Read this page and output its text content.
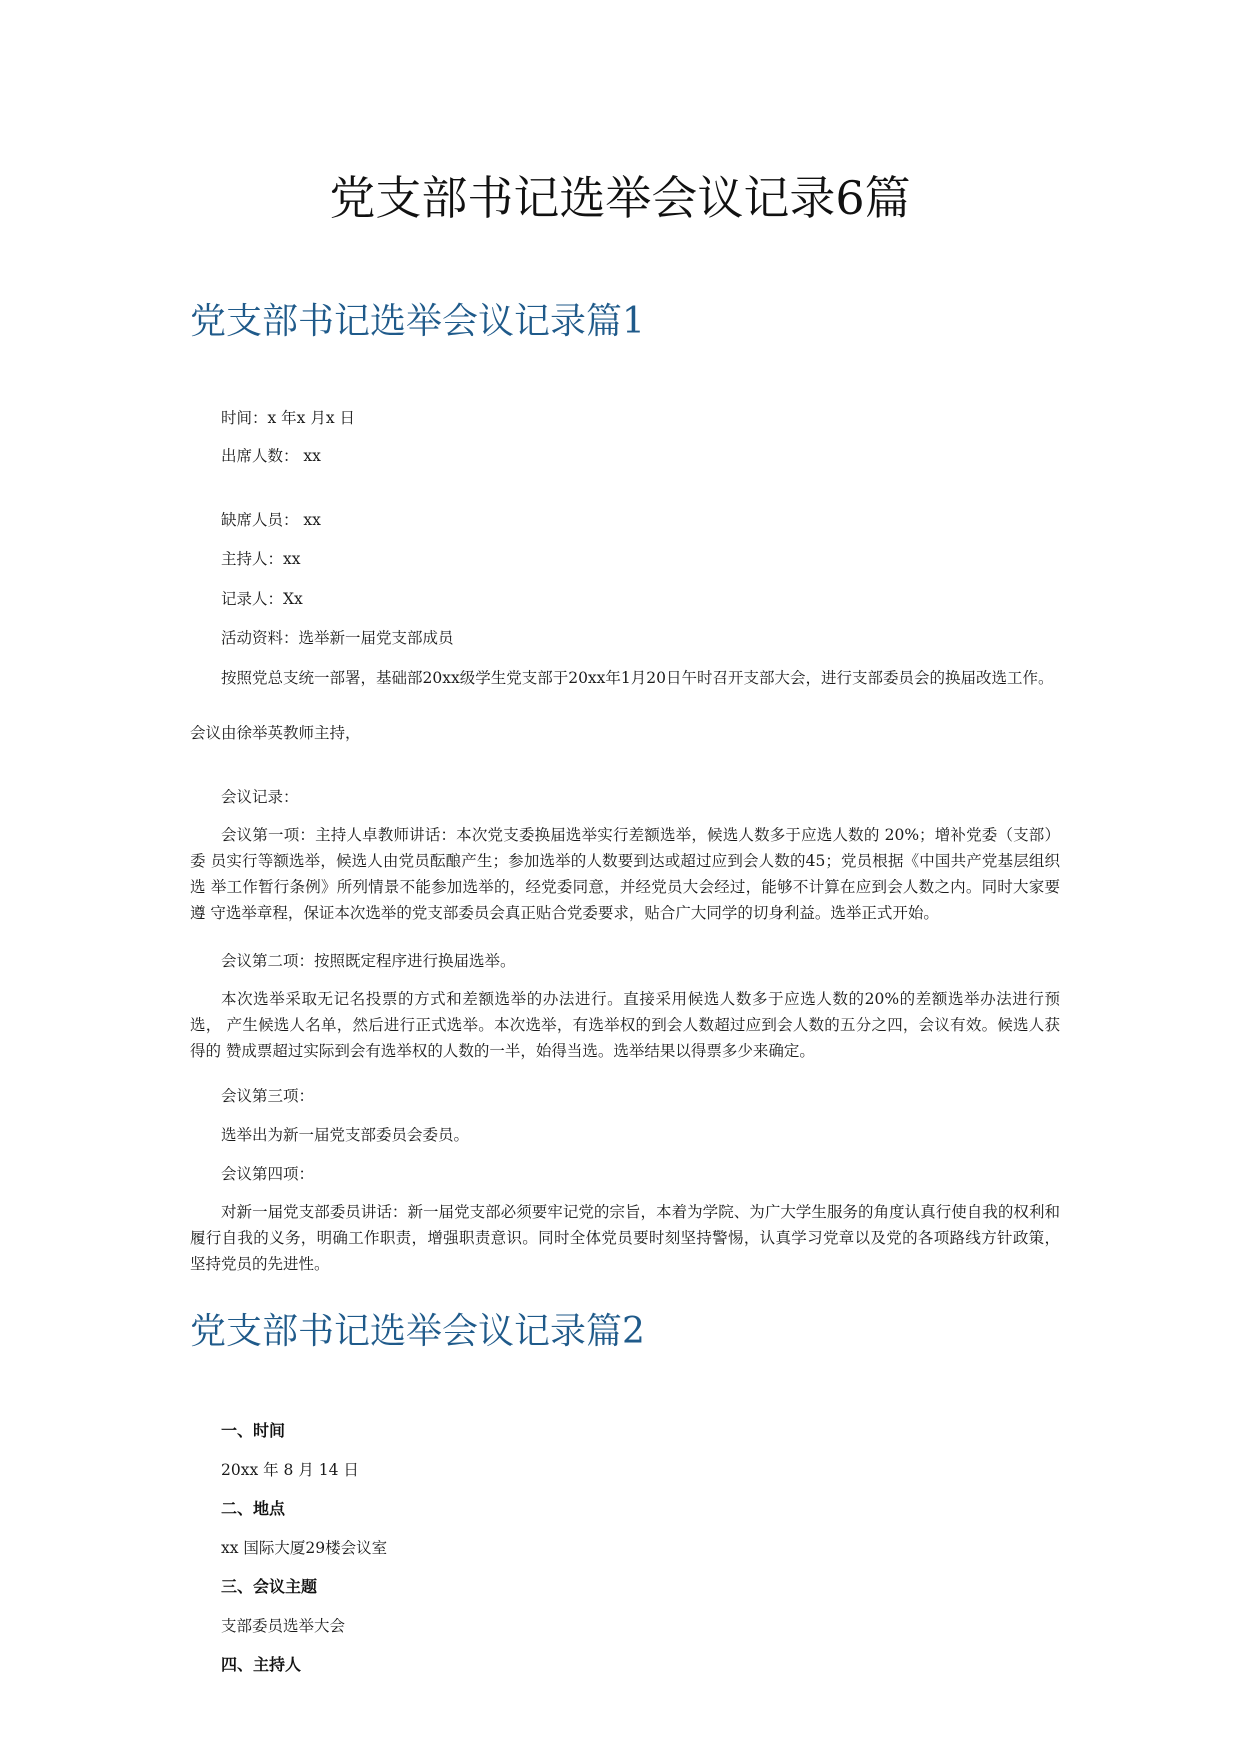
党支部书记选举会议记录6篇
党支部书记选举会议记录篇1

时间：x 年x 月x 日

出席人数： xx

缺席人员： xx

主持人：xx

记录人：Xx

活动资料：选举新一届党支部成员

按照党总支统一部署，基础部20xx级学生党支部于20xx年1月20日午时召开支部大会，进行支部委员会的换届改选工作。

会议由徐举英教师主持，

会议记录：

会议第一项：主持人卓教师讲话：本次党支委换届选举实行差额选举，候选人数多于应选人数的 20%；增补党委（支部）委 员实行等额选举，候选人由党员酝酿产生；参加选举的人数要到达或超过应到会人数的45；党员根据《中国共产党基层组织选 举工作暂行条例》所列情景不能参加选举的，经党委同意，并经党员大会经过，能够不计算在应到会人数之内。同时大家要遵 守选举章程，保证本次选举的党支部委员会真正贴合党委要求，贴合广大同学的切身利益。选举正式开始。

会议第二项：按照既定程序进行换届选举。

本次选举采取无记名投票的方式和差额选举的办法进行。直接采用候选人数多于应选人数的20%的差额选举办法进行预选， 产生候选人名单，然后进行正式选举。本次选举，有选举权的到会人数超过应到会人数的五分之四，会议有效。候选人获得的 赞成票超过实际到会有选举权的人数的一半，始得当选。选举结果以得票多少来确定。

会议第三项：

选举出为新一届党支部委员会委员。

会议第四项：

对新一届党支部委员讲话：新一届党支部必须要牢记党的宗旨，本着为学院、为广大学生服务的角度认真行使自我的权利和履行自我的义务，明确工作职责，增强职责意识。同时全体党员要时刻坚持警惕，认真学习党章以及党的各项路线方针政策， 坚持党员的先进性。

党支部书记选举会议记录篇2

一、时间

20xx 年 8 月 14 日

二、地点

xx 国际大厦29楼会议室

三、会议主题

支部委员选举大会

四、主持人
